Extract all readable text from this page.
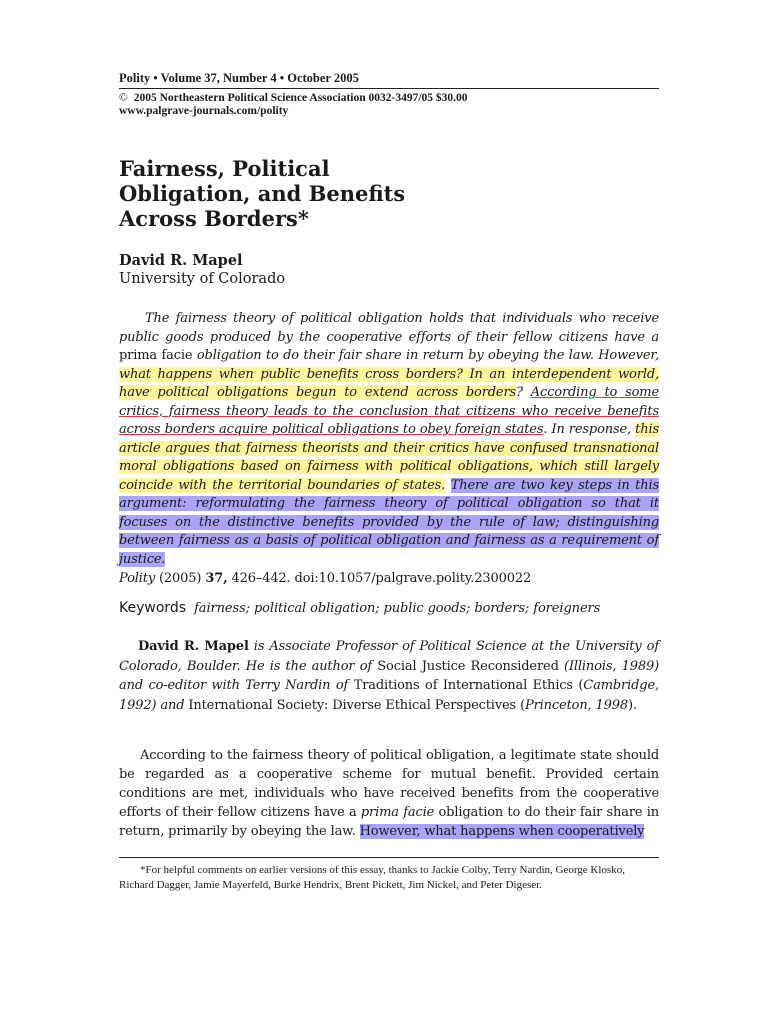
Polity • Volume 37, Number 4 • October 2005
© 2005 Northeastern Political Science Association 0032-3497/05 $30.00
www.palgrave-journals.com/polity
Fairness, Political
Obligation, and Benefits
Across Borders*
David R. Mapel
University of Colorado
The fairness theory of political obligation holds that individuals who receive public goods produced by the cooperative efforts of their fellow citizens have a prima facie obligation to do their fair share in return by obeying the law. However, what happens when public benefits cross borders? In an interdependent world, have political obligations begun to extend across borders? According to some critics, fairness theory leads to the conclusion that citizens who receive benefits across borders acquire political obligations to obey foreign states. In response, this article argues that fairness theorists and their critics have confused transnational moral obligations based on fairness with political obligations, which still largely coincide with the territorial boundaries of states. There are two key steps in this argument: reformulating the fairness theory of political obligation so that it focuses on the distinctive benefits provided by the rule of law; distinguishing between fairness as a basis of political obligation and fairness as a requirement of justice.
Polity (2005) 37, 426–442. doi:10.1057/palgrave.polity.2300022
Keywords fairness; political obligation; public goods; borders; foreigners
David R. Mapel is Associate Professor of Political Science at the University of Colorado, Boulder. He is the author of Social Justice Reconsidered (Illinois, 1989) and co-editor with Terry Nardin of Traditions of International Ethics (Cambridge, 1992) and International Society: Diverse Ethical Perspectives (Princeton, 1998).
According to the fairness theory of political obligation, a legitimate state should be regarded as a cooperative scheme for mutual benefit. Provided certain conditions are met, individuals who have received benefits from the cooperative efforts of their fellow citizens have a prima facie obligation to do their fair share in return, primarily by obeying the law. However, what happens when cooperatively
*For helpful comments on earlier versions of this essay, thanks to Jackie Colby, Terry Nardin, George Klosko, Richard Dagger, Jamie Mayerfeld, Burke Hendrix, Brent Pickett, Jim Nickel, and Peter Digeser.
